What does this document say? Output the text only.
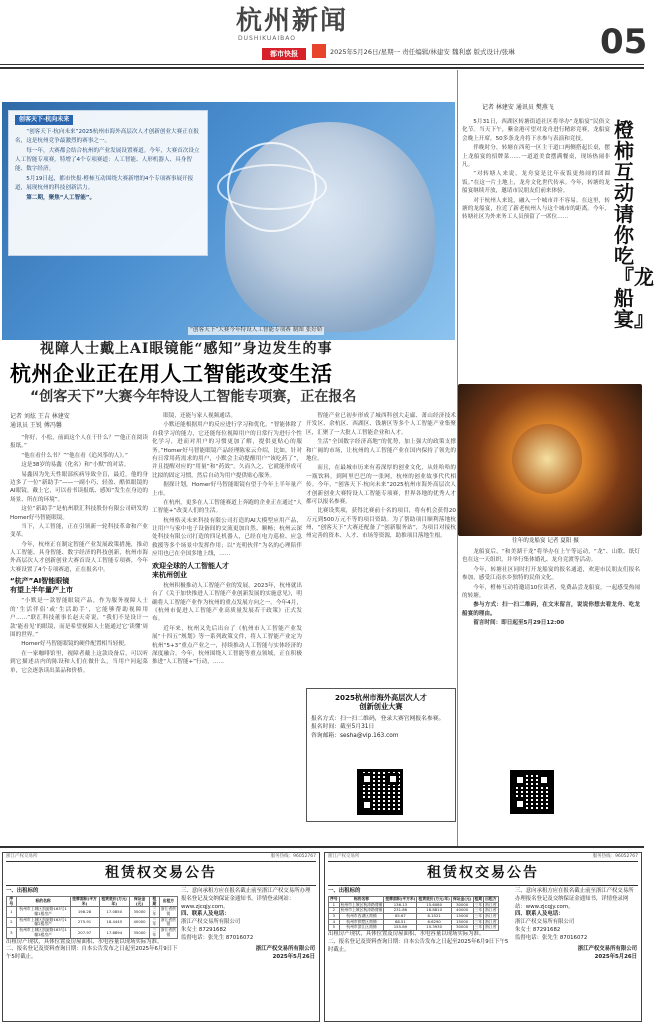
杭州新闻
DUSHIKUAIBAO
都市快报	2025年5月26日/星期一 责任编辑/林建安 魏利嘉 版式设计/张琳	05
创客天下·杭向未来

“创客天下·杭向未来”2025杭州市海外高层次人才创新创业大赛正在报名，这是杭州竞争最激烈的赛事之一。

每一年，大赛都会结合杭州的产业发展设置赛道。今年，大赛首次设立人工智能专项赛，特增了4个专项赛道：人工智能、人形机器人、具身智能、数字经济。

5月19日起，都市快报·橙柿互动围绕大赛新增的4个专项赛事展开报道，展现杭州的科技创新活力。

第二期，聚焦“人工智能”。

“创客天下”大赛今年特设人工智能专项赛 制图 张好娇
视障人士戴上AI眼镜能“感知”身边发生的事
杭州企业正在用人工智能改变生活
“创客天下”大赛今年特设人工智能专项赛，正在报名
记者 刘炫 王吉 林建安
通讯员 王锐 傅冯馨

“你好，小松，前面这个人在干什么？”“他正在阅读报纸。”

“他在看什么书？”“他在看《追风筝的人》。”

这是38岁的易鑫（化名）和“小默”的对话。

易鑫因为先天性眼部疾病导致全盲，最近，他的身边多了一位“新助手”——一副小巧、轻盈、酷似眼镜的AI眼镜。戴上它，可以看书读报纸、感知“发生在身边的场景、所在的环境”。

这位“新助手”是杭州联汇科技股份有限公司研发的Homer好马智能眼镜。

当下，人工智能，正在引领新一轮科技革命和产业变革。

今年，杭州正在制定智能产业发展政策措施，推动人工智能、具身智能、数字经济的科技创新，杭州市海外高层次人才创新创业大赛首设人工智能专项赛，今年大赛设置了4个专项赛道，正在报名中。

“杭产”AI智能眼镜
有望上半年量产上市

“小默是一款智能眼镜产品，作为服务视障人士的‘生活伴侣’或‘生活助手’，它能够帮助视障用户……”联汇科技董事长赵天奇说，“我们不是设计一款‘能看见’的眼镜，而是希望视障人士能通过它‘读懂’周围的世界。”

Homer好马智能眼镜的硬件配置相当轻便。

在一家咖啡馆里，视障者戴上这款设备后，可以听到它描述店内的陈设和人们在做什么，当用户问起菜单，它会逐条读出菜品和价格。

眼镜，还能与家人视频通话。

小默还能根据用户的反应进行学习和优化。“智能体除了自我学习的能力，它还能每位视障用户的日常行为进行个性化学习，进而对用户的习惯更加了解，提供更贴心的服务。”Homer好马智能眼镜产品经理陈家云介绍，比如，针对有日常用药需求的用户，小默会主动提醒用户“该吃药了”，并且提醒对应的“用量”和“药效”，久而久之，它就能形成可比拟的固定习惯，然后自动为用户提供贴心服务。

据探计划，Homer好马智能眼镜有望于今年上半年量产上市。

在杭州，更多在人工智能赛道上奔跑的企业正在通过“人工智能+”改变人们的生活。

杭州格灵未来科技有限公司打造的AI大模型应用产品，让用户与家中电子设备间的交流更加自然、顺畅；杭州云深处科技有限公司打造的四足机器人，已经在电力巡检、应急救援等多个场景中发挥作用；以“光明伙伴”为名的心理陪伴应用也已在全国多地上线，……

欢迎全球的人工智能人才
来杭州创业

杭州积极推动人工智能产业的发展。2023年，杭州就出台了《关于加快推进人工智能产业创新发展的实施意见》，明确将人工智能产业作为杭州的重点发展方向之一。今年4月，《杭州市促进人工智能产业高质量发展若干政策》正式发布。

近年来，杭州又先后出台了《杭州市人工智能产业发展“十四五”规划》等一系列政策文件，将人工智能产业定为杭州“5+3”重点产业之一，持续推动人工智能与实体经济的深度融合。今年，杭州围绕人工智能等重点领域，正在积极推进“人工智能+”行动，……

智能产业已初步形成了城西科创大走廊、萧山经济技术开发区、余杭区、西湖区、钱塘区等多个人工智能产业集聚区，汇聚了一大批人工智能企业和人才。

生活“全国数字经济高地”的优势，加上强大的政策支撑和广阔的市场，让杭州的人工智能产业在国内保持了领先的地位。

而且，在最城市历来有着深厚的创业文化，从娃哈哈的一瓶饮料，到阿里巴巴的一张网，杭州的创业故事代代相传。今年，“创客天下·杭向未来”2025杭州市海外高层次人才创新创业大赛特设人工智能专项赛，世界各地的优秀人才都可以报名参赛。

比赛设奖项，获得比赛前十名的项目，将有机会获得20万元到500万元不等的项目资助。为了帮助项目顺利落地杭州，“创客天下”大赛还配备了“创新服务站”，为项目对接杭州完善的资本、人才、市场等资源，助推项目落地生根。

2025杭州市海外高层次人才
创新创业大赛
报名方式：扫一扫二维码，登录大赛官网报名参赛。
报名时间：截至5月31日
咨询邮箱：sesha@vip.163.com
记者 林建安 通讯员 樊燕飞
橙柿互动请你吃『龙船宴』

5月31日，西湖区转塘街道社区将举办“龙船宴”民俗文化节。当天下午，紫金港可望对龙舟进行精彩竞赛，龙船宴会晚上开席，50多条龙舟将下水参与表演和竞技。

伴晚时分，转塘在西苑一区主干道口两侧搭起长桌，摆上龙船宴的招牌菜……一道道美食摆满餐桌，现场热闹非凡。

“对转塘人来说，龙舟宴是比年夜饭更热闹的团圆饭。”在这一片土地上，龙舟文化世代传承。今年，转塘的龙船宴继续开放，邀请市民朋友们前来体验。

对于杭州人来说，融入一个城市并不容易。在这里，转塘的龙船宴，拉近了新老杭州人与这个城市的距离。今年，转塘社区为外来务工人员预留了一席位……

往年的龙船宴 记者 夏阳 摄

龙船宴后，“和美湖干龙”将举办在上午等运动，“龙”、山歌、纸灯也在这一天组织，并举行集体婚礼、龙舟竞渡等活动。

今年，转塘社区同时打开龙船宴的报名通道，欢迎市民朋友们报名参加，感受江南水乡独特的民俗文化。

今年，橙柿互动将邀请10位读者，免费品尝龙船宴，一起感受热闹的转塘。

参与方式：扫一扫二维码，在文末留言，说说你想去看龙舟、吃龙船宴的理由。

留言时间：即日起至5月29日12:00

浙江产权交易所	服务热线：96052767
租赁权交易公告
一、出租标的
序号	标的名称	挂牌面积(平方米)	租赁底价(万元/年)	保证金(元)	租期	出租方
1	杭州市上城区凯旋路163号1幢1楼房产	198.28	17.0850	35000	三年	浙江省供销
2	杭州市上城区凯旋路163号1幢2楼房产	275.91	18.4445	40000	三年	浙江省供销
3	杭州市上城区凯旋路163号1幢3楼房产	207.97	17.8894	35000	三年	浙江省供销
出租房产现状，具体位置及房屋面积、水电容量以现场实际为准。
二、报名登记及资料查询日期：自本公告发布之日起至2025年6月9日下午5时截止。
三、意向承租方应在报名截止前至浙江产权交易所办理报名登记及交纳保证金通知书，详情登录网站：www.zjcqjy.com。
四、联系人及电话：
浙江产权交易所有限公司
朱女士 87291682
监督电话：张先生 87016072
浙江产权交易所有限公司
2025年5月26日
浙江产权交易所	服务热线：96052767
租赁权交易公告
一、出租标的
序号	标的名称	挂牌面积(平方米)	租赁底价(万元/年)	保证金(元)	租期	出租方
1	杭州市上城区秋涛路商铺	136.13	15.6080	30000	三年	浙江省
2	杭州市上城区秋涛路商铺	231.86	18.8810	40000	三年	浙江省
3	杭州市西湖区商铺	85.67	8.1521	15000	三年	浙江省
4	杭州市拱墅区商铺	68.51	6.6290	15000	三年	浙江省
5	杭州市滨江区商铺	155.89	15.3930	30000	三年	浙江省
出租房产现状，具体位置及房屋面积、水电容量以现场实际为准。
二、报名登记及资料查询日期：自本公告发布之日起至2025年6月9日下午5时截止。
三、意向承租方应在报名截止前至浙江产权交易所办理报名登记及交纳保证金通知书，详情登录网站：www.zjcqjy.com。
四、联系人及电话：
浙江产权交易所有限公司
朱女士 87291682
监督电话：张先生 87016072
浙江产权交易所有限公司
2025年5月26日
